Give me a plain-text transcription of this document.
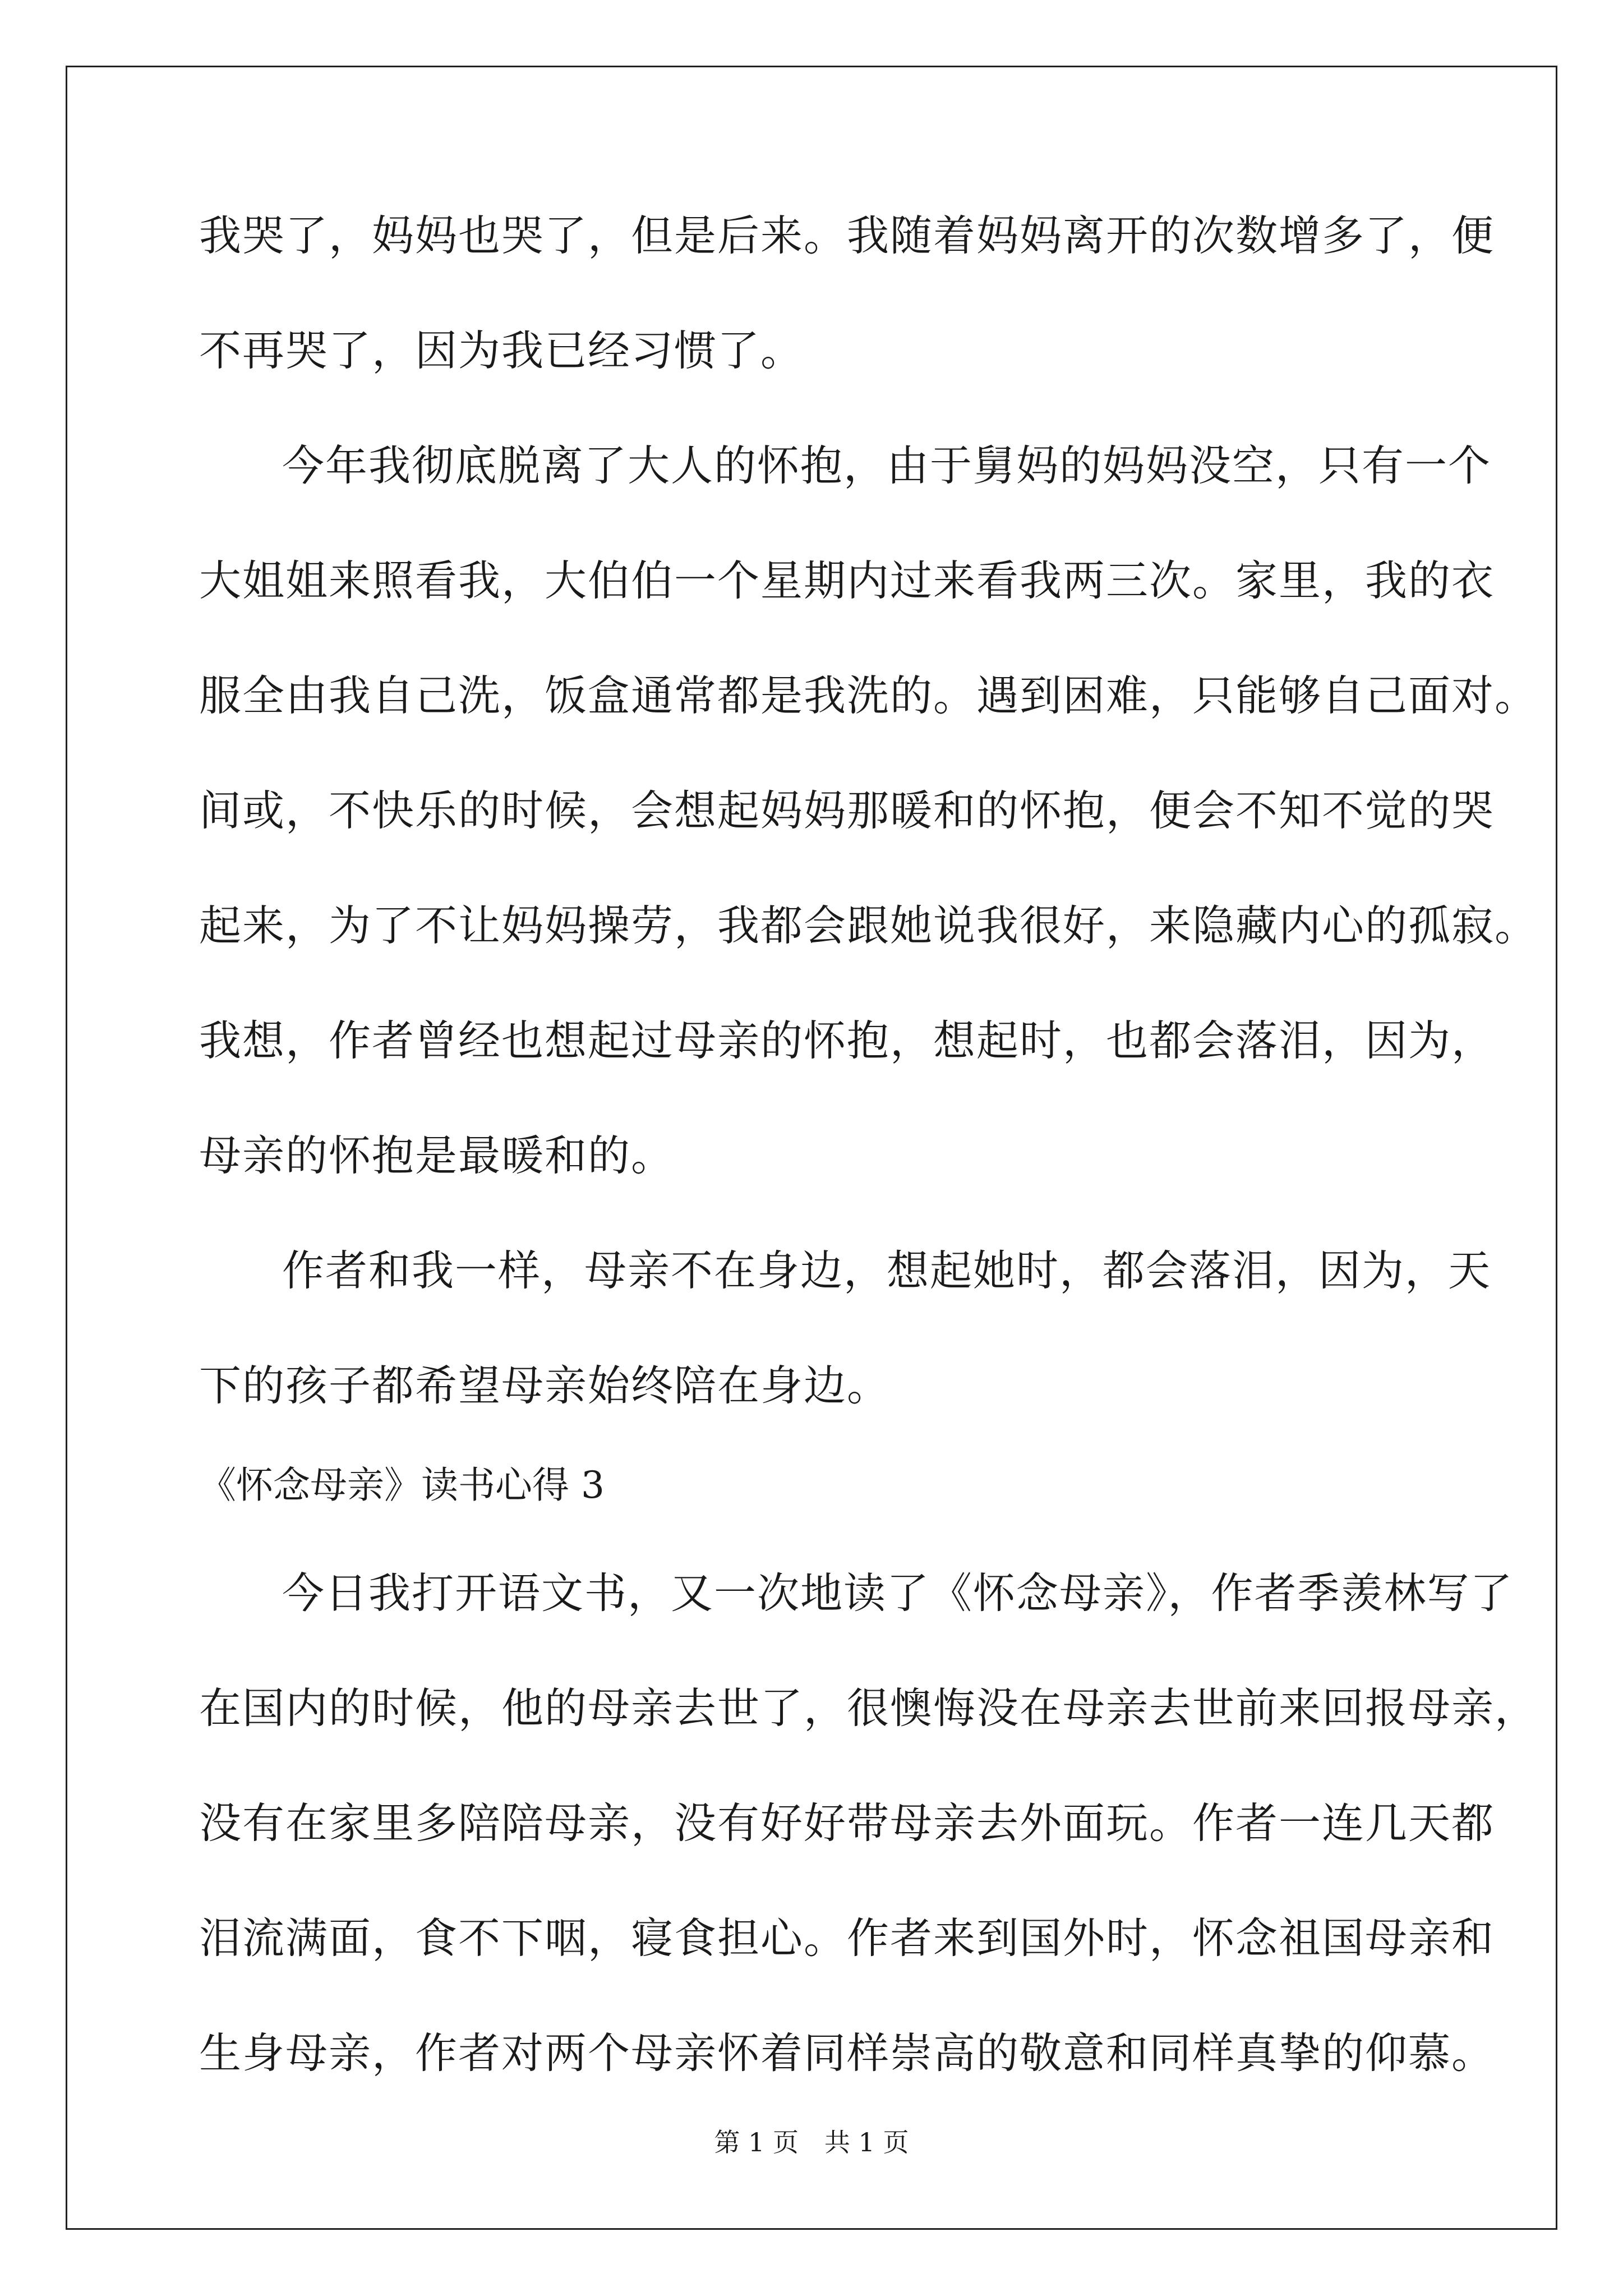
我哭了，妈妈也哭了，但是后来。我随着妈妈离开的次数增多了，便
不再哭了，因为我已经习惯了。
今年我彻底脱离了大人的怀抱，由于舅妈的妈妈没空，只有一个
大姐姐来照看我，大伯伯一个星期内过来看我两三次。家里，我的衣
服全由我自己洗，饭盒通常都是我洗的。遇到困难，只能够自己面对。
间或，不快乐的时候，会想起妈妈那暖和的怀抱，便会不知不觉的哭
起来，为了不让妈妈操劳，我都会跟她说我很好，来隐藏内心的孤寂。
我想，作者曾经也想起过母亲的怀抱，想起时，也都会落泪，因为，
母亲的怀抱是最暖和的。
作者和我一样，母亲不在身边，想起她时，都会落泪，因为，天
下的孩子都希望母亲始终陪在身边。
《怀念母亲》读书心得 3
今日我打开语文书，又一次地读了《怀念母亲》，作者季羡林写了
在国内的时候，他的母亲去世了，很懊悔没在母亲去世前来回报母亲，
没有在家里多陪陪母亲，没有好好带母亲去外面玩。作者一连几天都
泪流满面，食不下咽，寝食担心。作者来到国外时，怀念祖国母亲和
生身母亲，作者对两个母亲怀着同样崇高的敬意和同样真挚的仰慕。
第 1 页 共 1 页
